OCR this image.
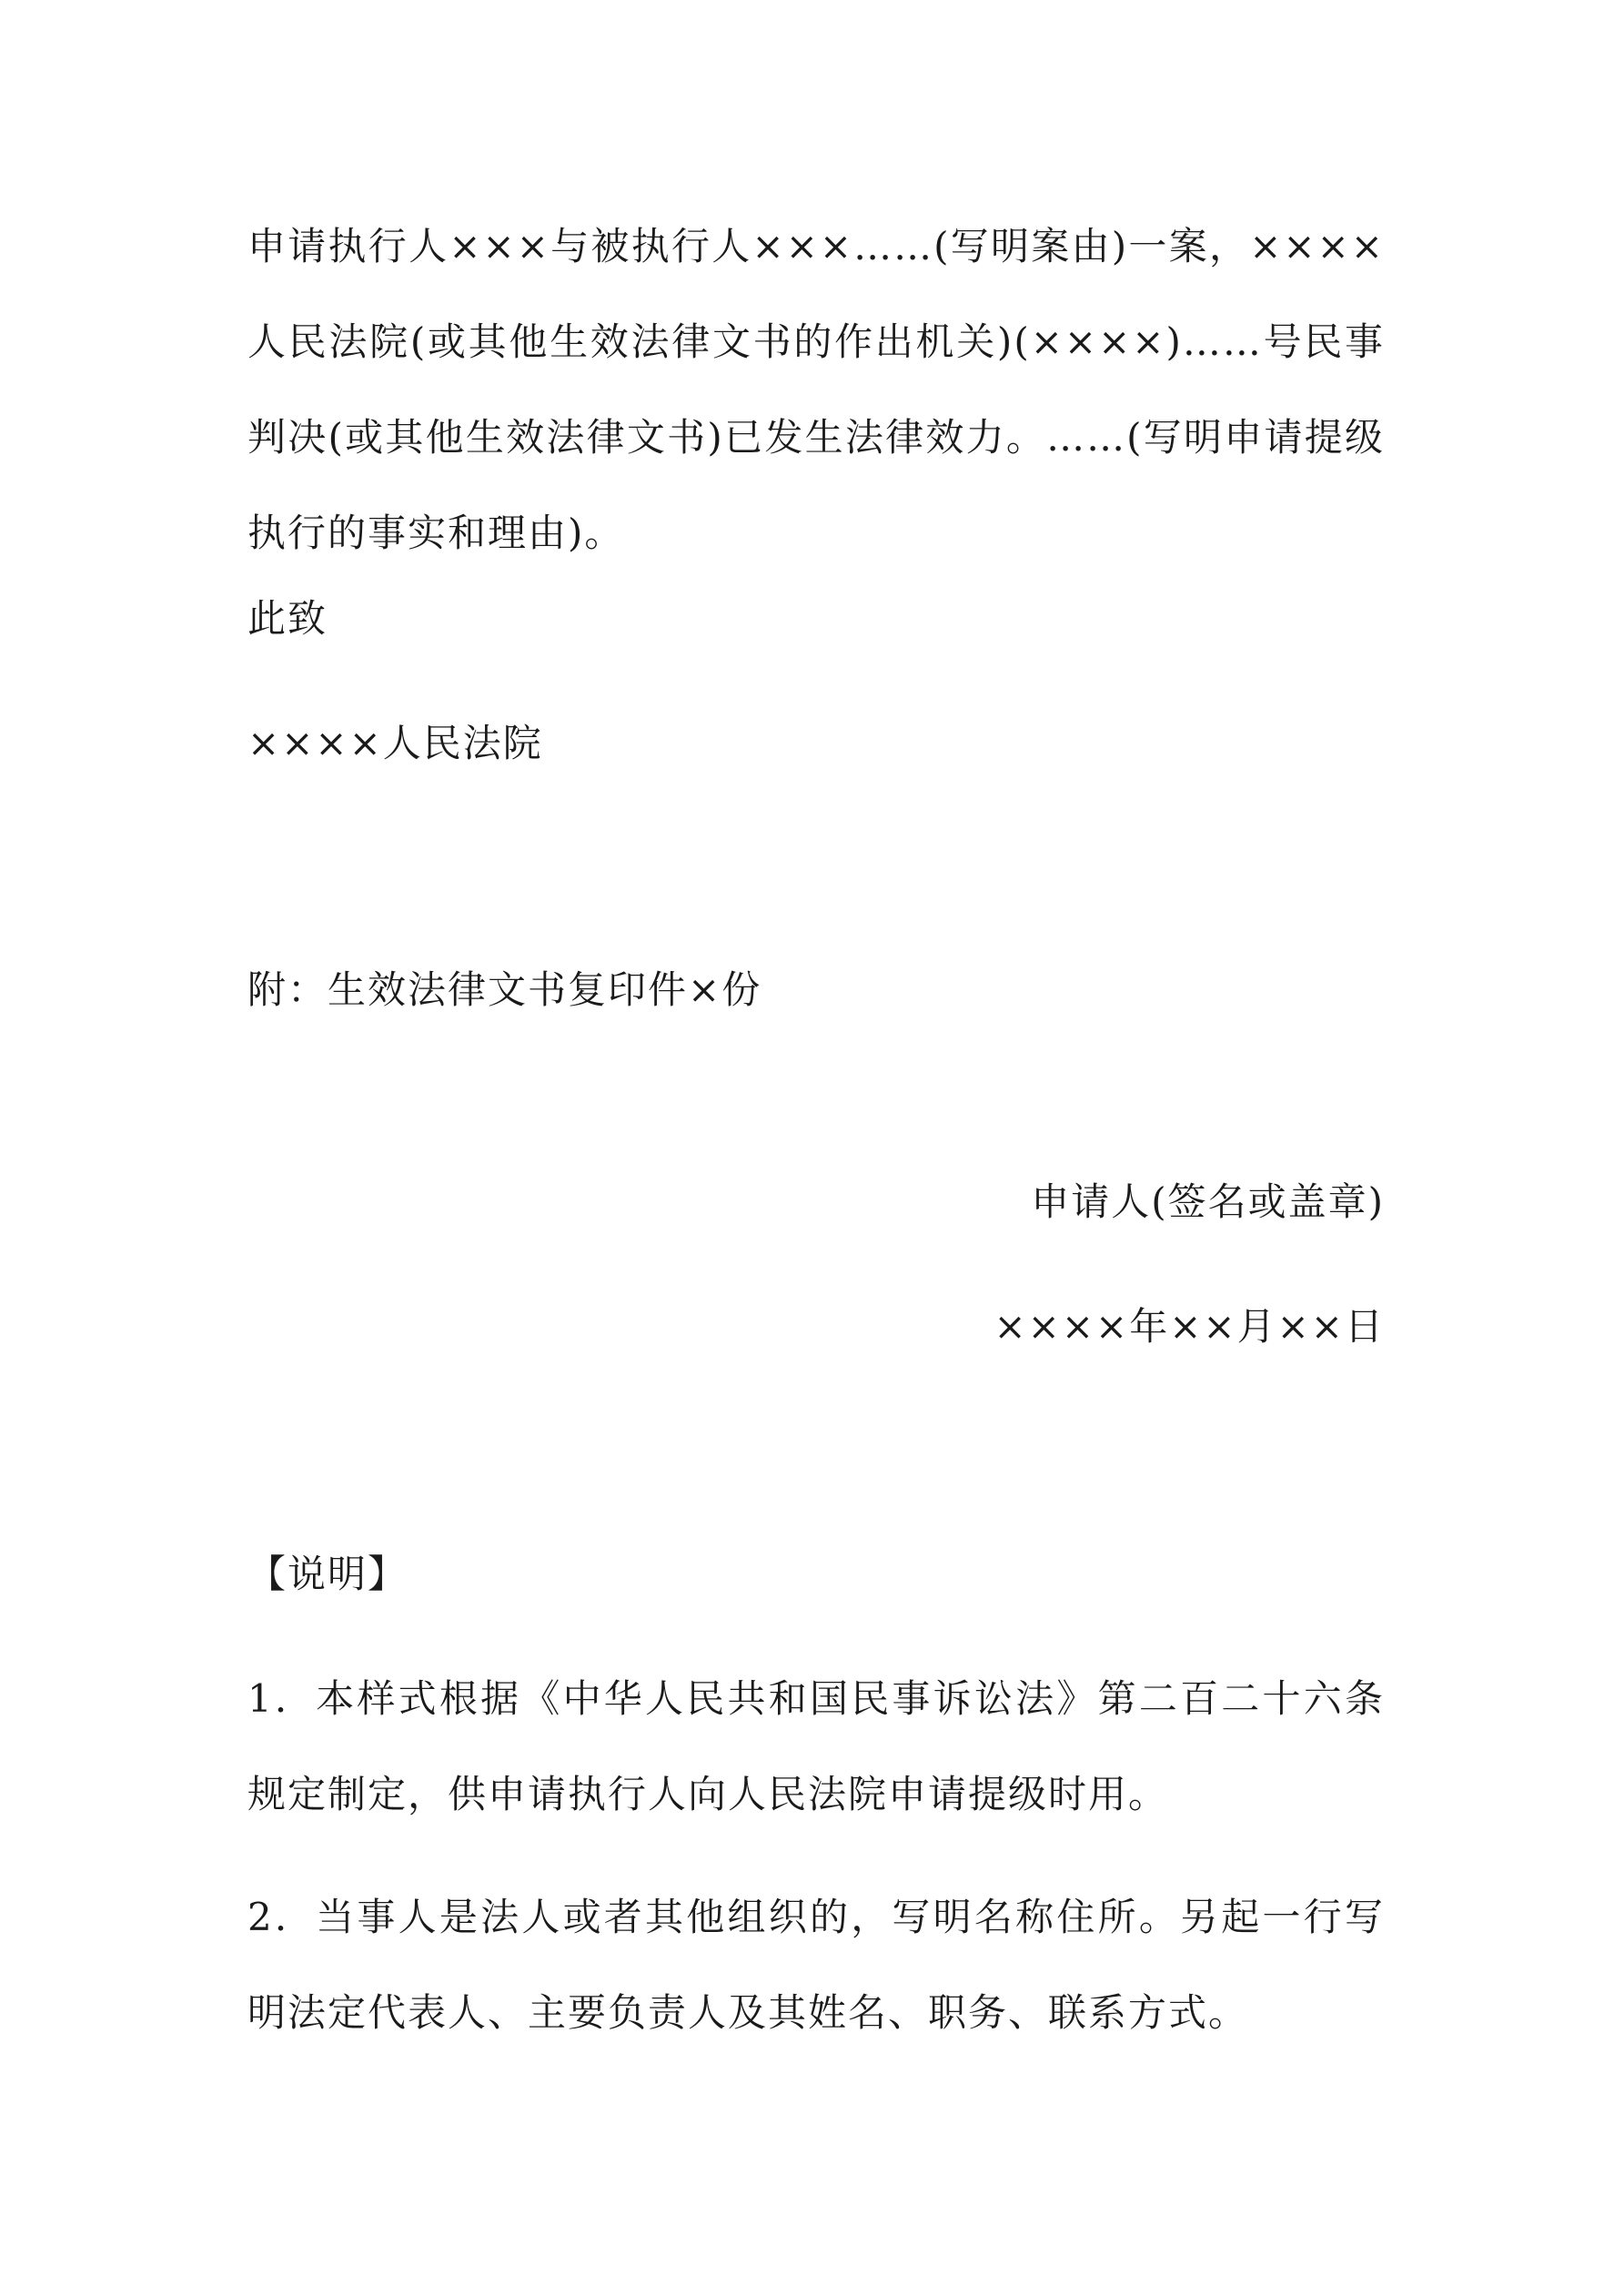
申请执行人×××与被执行人×××……(写明案由)一案，××××人民法院(或其他生效法律文书的作出机关)(××××)……号民事判决(或其他生效法律文书)已发生法律效力。……(写明申请提级执行的事实和理由)。

此致
××××人民法院
附：生效法律文书复印件×份
申请人(签名或盖章)
××××年××月××日
【说明】

1．本样式根据《中华人民共和国民事诉讼法》第二百二十六条规定制定，供申请执行人向人民法院申请提级时用。

2．当事人是法人或者其他组织的，写明名称住所。另起一行写明法定代表人、主要负责人及其姓名、职务、联系方式。
